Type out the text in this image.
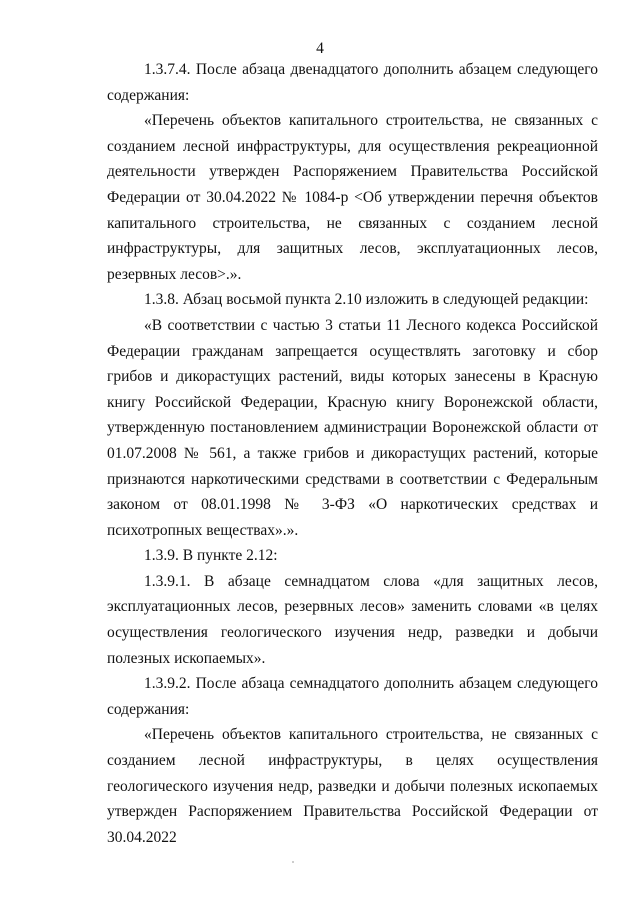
4

1.3.7.4. После абзаца двенадцатого дополнить абзацем следующего содержания:

«Перечень объектов капитального строительства, не связанных с созданием лесной инфраструктуры, для осуществления рекреационной деятельности утвержден Распоряжением Правительства Российской Федерации от 30.04.2022 № 1084-р <Об утверждении перечня объектов капитального строительства, не связанных с созданием лесной инфраструктуры, для защитных лесов, эксплуатационных лесов, резервных лесов>.».

1.3.8. Абзац восьмой пункта 2.10 изложить в следующей редакции:

«В соответствии с частью 3 статьи 11 Лесного кодекса Российской Федерации гражданам запрещается осуществлять заготовку и сбор грибов и дикорастущих растений, виды которых занесены в Красную книгу Российской Федерации, Красную книгу Воронежской области, утвержденную постановлением администрации Воронежской области от 01.07.2008 № 561, а также грибов и дикорастущих растений, которые признаются наркотическими средствами в соответствии с Федеральным законом от 08.01.1998 № 3-ФЗ «О наркотических средствах и психотропных веществах».».

1.3.9. В пункте 2.12:

1.3.9.1. В абзаце семнадцатом слова «для защитных лесов, эксплуатационных лесов, резервных лесов» заменить словами «в целях осуществления геологического изучения недр, разведки и добычи полезных ископаемых».

1.3.9.2. После абзаца семнадцатого дополнить абзацем следующего содержания:

«Перечень объектов капитального строительства, не связанных с созданием лесной инфраструктуры, в целях осуществления геологического изучения недр, разведки и добычи полезных ископаемых утвержден Распоряжением Правительства Российской Федерации от 30.04.2022
